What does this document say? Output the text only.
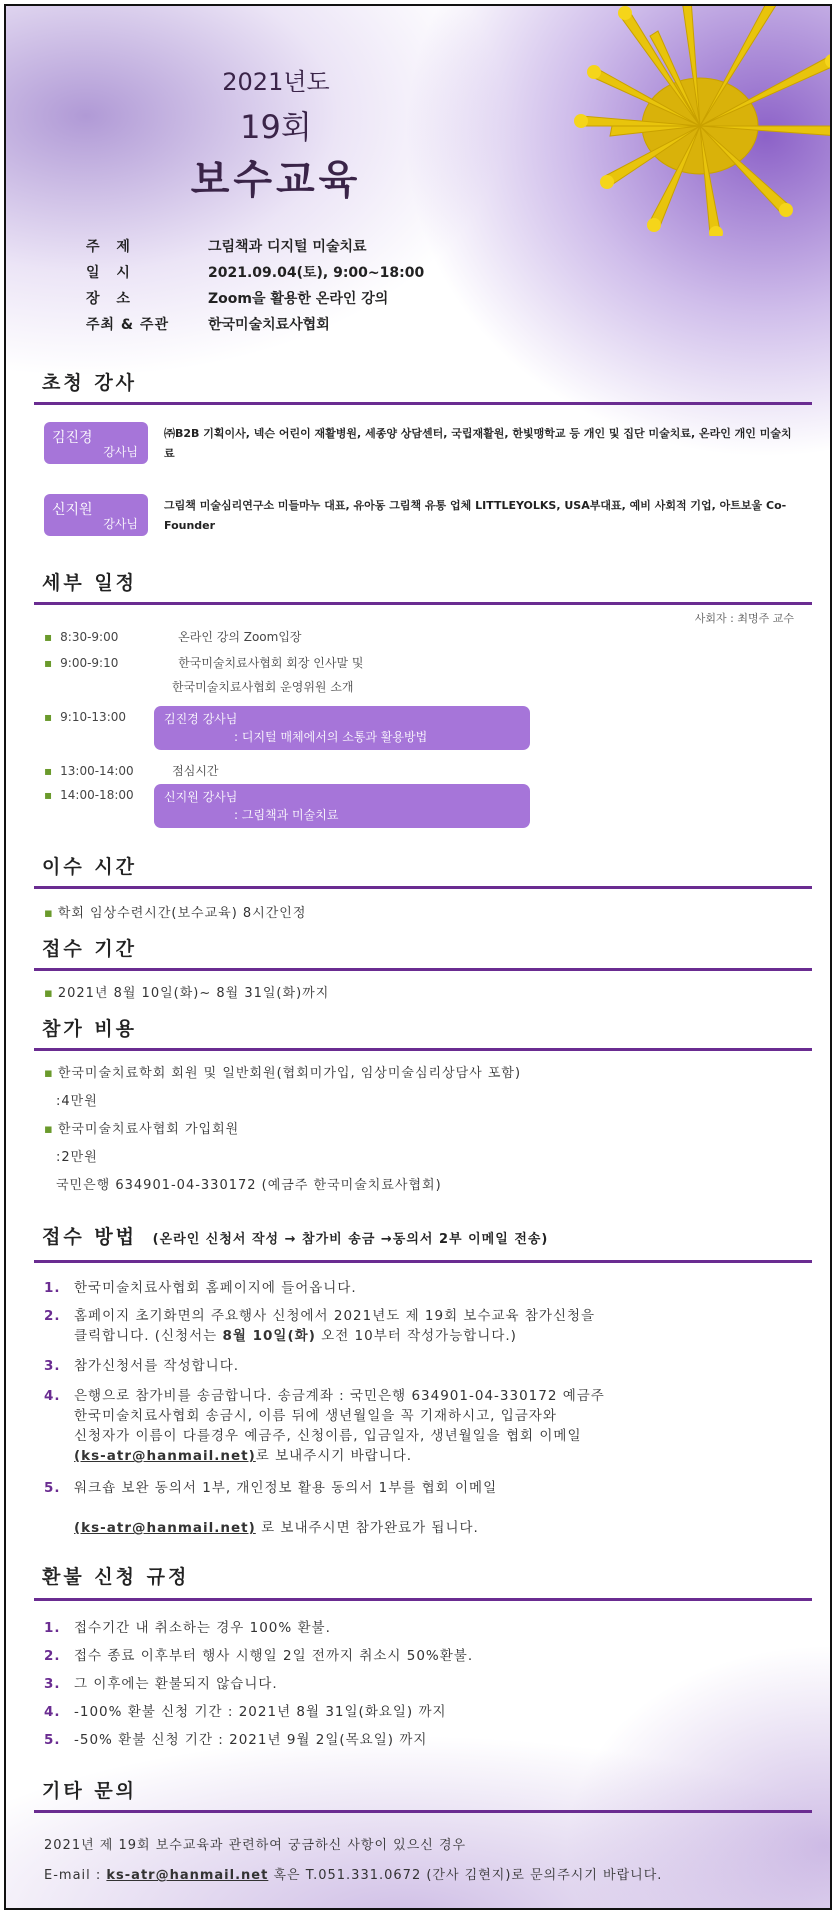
2021년도
19회
보수교육
주 제	그림책과 디지털 미술치료
일 시	2021.09.04(토), 9:00~18:00
장 소	Zoom을 활용한 온라인 강의
주최 & 주관	한국미술치료사협회
초청 강사
김진경
강사님
㈜B2B 기획이사, 넥슨 어린이 재활병원, 세종양 상담센터, 국립재활원, 한빛맹학교 등 개인 및 집단 미술치료, 온라인 개인 미술치료
신지원
강사님
그림책 미술심리연구소 미들마누 대표, 유아동 그림책 유통 업체 LITTLEYOLKS, USA부대표, 예비 사회적 기업, 아트보울 Co-Founder
세부 일정
사회자 : 최명주 교수
▪ 8:30-9:00	온라인 강의 Zoom입장
▪ 9:00-9:10	한국미술치료사협회 회장 인사말 및
한국미술치료사협회 운영위원 소개
▪ 9:10-13:00	김진경 강사님
: 디지털 매체에서의 소통과 활용방법
▪ 13:00-14:00	점심시간
▪ 14:00-18:00	신지원 강사님
: 그림책과 미술치료
이수 시간
▪ 학회 임상수련시간(보수교육) 8시간인정
접수 기간
▪ 2021년 8월 10일(화)~ 8월 31일(화)까지
참가 비용
▪ 한국미술치료학회 회원 및 일반회원(협회미가입, 임상미술심리상담사 포함)
:4만원
▪ 한국미술치료사협회 가입회원
:2만원
국민은행 634901-04-330172 (예금주 한국미술치료사협회)
접수 방법 (온라인 신청서 작성 → 참가비 송금 →동의서 2부 이메일 전송)
1. 한국미술치료사협회 홈페이지에 들어옵니다.
2. 홈페이지 초기화면의 주요행사 신청에서 2021년도 제 19회 보수교육 참가신청을
클릭합니다. (신청서는 8월 10일(화) 오전 10부터 작성가능합니다.)
3. 참가신청서를 작성합니다.
4. 은행으로 참가비를 송금합니다. 송금계좌 : 국민은행 634901-04-330172 예금주
한국미술치료사협회 송금시, 이름 뒤에 생년월일을 꼭 기재하시고, 입금자와
신청자가 이름이 다를경우 예금주, 신청이름, 입금일자, 생년월일을 협회 이메일
(ks-atr@hanmail.net)로 보내주시기 바랍니다.
5. 워크숍 보완 동의서 1부, 개인정보 활용 동의서 1부를 협회 이메일

(ks-atr@hanmail.net) 로 보내주시면 참가완료가 됩니다.
환불 신청 규정
1. 접수기간 내 취소하는 경우 100% 환불.
2. 접수 종료 이후부터 행사 시행일 2일 전까지 취소시 50%환불.
3. 그 이후에는 환불되지 않습니다.
4. -100% 환불 신청 기간 : 2021년 8월 31일(화요일) 까지
5. -50% 환불 신청 기간 : 2021년 9월 2일(목요일) 까지
기타 문의
2021년 제 19회 보수교육과 관련하여 궁금하신 사항이 있으신 경우
E-mail : ks-atr@hanmail.net 혹은 T.051.331.0672 (간사 김현지)로 문의주시기 바랍니다.
